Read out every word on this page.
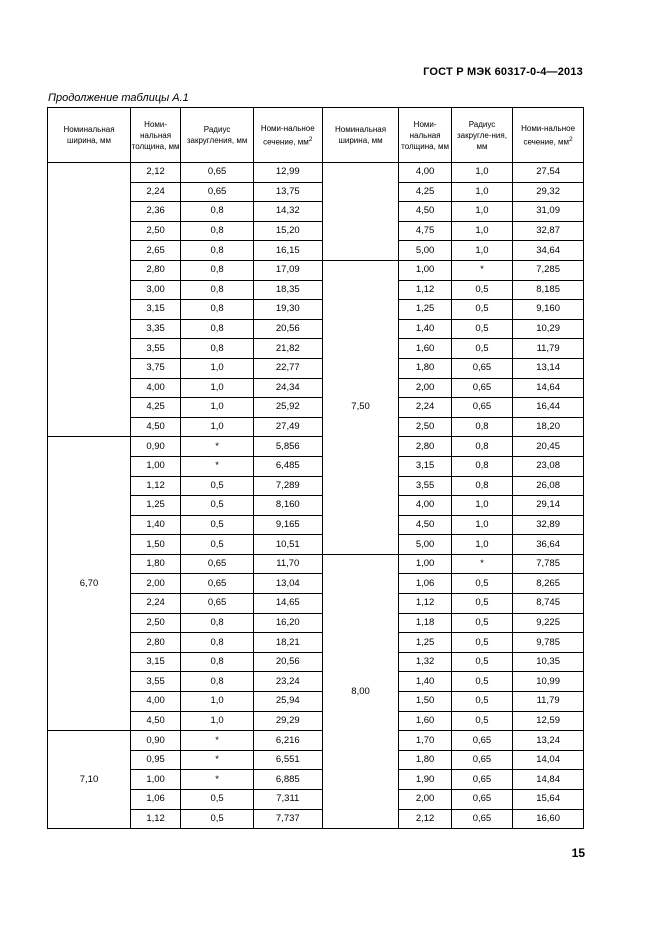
ГОСТ Р МЭК 60317-0-4—2013
Продолжение таблицы А.1
Номинальная ширина, мм	Номи-нальная толщина, мм	Радиус закругления, мм	Номи-нальное сечение, $мм^2$	Номинальная ширина, мм	Номи-нальная толщина, мм	Радиус закругле-ния, мм	Номи-нальное сечение, $мм^2$
	2,12	0,65	12,99		4,00	1,0	27,54
	2,24	0,65	13,75		4,25	1,0	29,32
	2,36	0,8	14,32		4,50	1,0	31,09
	2,50	0,8	15,20		4,75	1,0	32,87
	2,65	0,8	16,15		5,00	1,0	34,64
	2,80	0,8	17,09	7,50	1,00	*	7,285
	3,00	0,8	18,35		1,12	0,5	8,185
	3,15	0,8	19,30		1,25	0,5	9,160
	3,35	0,8	20,56		1,40	0,5	10,29
	3,55	0,8	21,82		1,60	0,5	11,79
	3,75	1,0	22,77		1,80	0,65	13,14
	4,00	1,0	24,34		2,00	0,65	14,64
	4,25	1,0	25,92		2,24	0,65	16,44
	4,50	1,0	27,49		2,50	0,8	18,20
6,70	0,90	*	5,856		2,80	0,8	20,45
	1,00	*	6,485		3,15	0,8	23,08
	1,12	0,5	7,289		3,55	0,8	26,08
	1,25	0,5	8,160		4,00	1,0	29,14
	1,40	0,5	9,165		4,50	1,0	32,89
	1,50	0,5	10,51		5,00	1,0	36,64
	1,80	0,65	11,70	8,00	1,00	*	7,785
	2,00	0,65	13,04		1,06	0,5	8,265
	2,24	0,65	14,65		1,12	0,5	8,745
	2,50	0,8	16,20		1,18	0,5	9,225
	2,80	0,8	18,21		1,25	0,5	9,785
	3,15	0,8	20,56		1,32	0,5	10,35
	3,55	0,8	23,24		1,40	0,5	10,99
	4,00	1,0	25,94		1,50	0,5	11,79
	4,50	1,0	29,29		1,60	0,5	12,59
7,10	0,90	*	6,216		1,70	0,65	13,24
	0,95	*	6,551		1,80	0,65	14,04
	1,00	*	6,885		1,90	0,65	14,84
	1,06	0,5	7,311		2,00	0,65	15,64
	1,12	0,5	7,737		2,12	0,65	16,60
15
